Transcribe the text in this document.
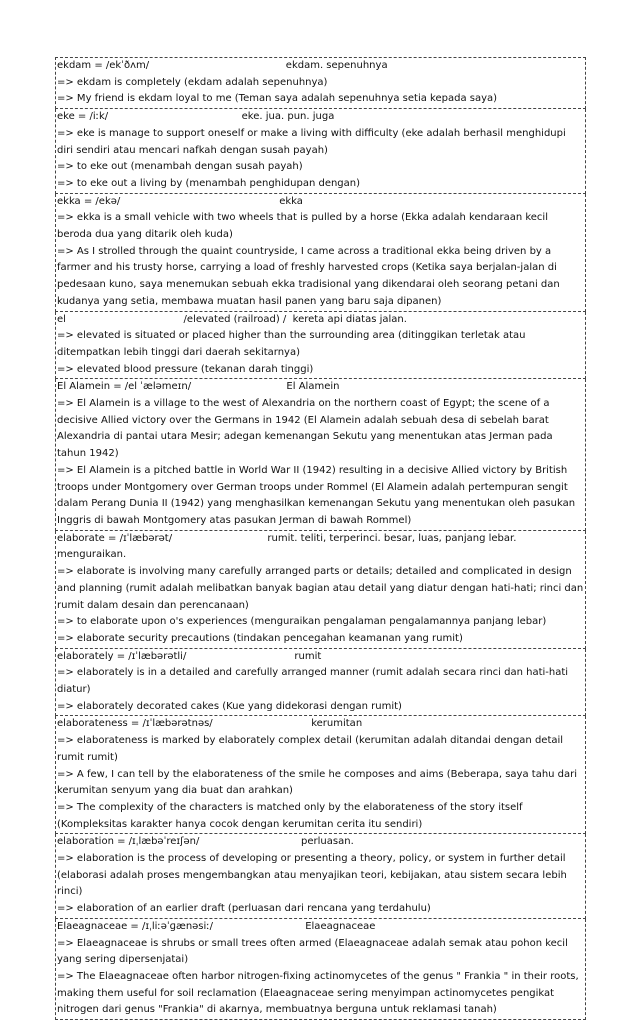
ekdam = /ekˈðʌm/                                           ekdam. sepenuhnya
=> ekdam is completely (ekdam adalah sepenuhnya)
=> My friend is ekdam loyal to me (Teman saya adalah sepenuhnya setia kepada saya)
eke = /iːk/                                          eke. jua. pun. juga
=> eke is manage to support oneself or make a living with difficulty (eke adalah berhasil menghidupi diri sendiri atau mencari nafkah dengan susah payah)
=> to eke out (menambah dengan susah payah)
=> to eke out a living by (menambah penghidupan dengan)
ekka = /ekə/                                                  ekka
=> ekka is a small vehicle with two wheels that is pulled by a horse (Ekka adalah kendaraan kecil beroda dua yang ditarik oleh kuda)
=> As I strolled through the quaint countryside, I came across a traditional ekka being driven by a farmer and his trusty horse, carrying a load of freshly harvested crops (Ketika saya berjalan-jalan di pedesaan kuno, saya menemukan sebuah ekka tradisional yang dikendarai oleh seorang petani dan kudanya yang setia, membawa muatan hasil panen yang baru saja dipanen)
el                                     /elevated (railroad) /  kereta api diatas jalan.
=> elevated is situated or placed higher than the surrounding area (ditinggikan terletak atau ditempatkan lebih tinggi dari daerah sekitarnya)
=> elevated blood pressure (tekanan darah tinggi)
El Alamein = /el ˈæləmeɪn/                              El Alamein
=> El Alamein is a village to the west of Alexandria on the northern coast of Egypt; the scene of a decisive Allied victory over the Germans in 1942 (El Alamein adalah sebuah desa di sebelah barat Alexandria di pantai utara Mesir; adegan kemenangan Sekutu yang menentukan atas Jerman pada tahun 1942)
=> El Alamein is a pitched battle in World War II (1942) resulting in a decisive Allied victory by British troops under Montgomery over German troops under Rommel (El Alamein adalah pertempuran sengit dalam Perang Dunia II (1942) yang menghasilkan kemenangan Sekutu yang menentukan oleh pasukan Inggris di bawah Montgomery atas pasukan Jerman di bawah Rommel)
elaborate = /ɪˈlæbərət/                              rumit. teliti, terperinci. besar, luas, panjang lebar. menguraikan.
=> elaborate is involving many carefully arranged parts or details; detailed and complicated in design and planning (rumit adalah melibatkan banyak bagian atau detail yang diatur dengan hati-hati; rinci dan rumit dalam desain dan perencanaan)
=> to elaborate upon o's experiences (menguraikan pengalaman pengalamannya panjang lebar)
=> elaborate security precautions (tindakan pencegahan keamanan yang rumit)
elaborately = /ɪˈlæbərətli/                                  rumit
=> elaborately is in a detailed and carefully arranged manner (rumit adalah secara rinci dan hati-hati diatur)
=> elaborately decorated cakes (Kue yang didekorasi dengan rumit)
elaborateness = /ɪˈlæbərətnəs/                               kerumitan
=> elaborateness is marked by elaborately complex detail (kerumitan adalah ditandai dengan detail rumit rumit)
=> A few, I can tell by the elaborateness of the smile he composes and aims (Beberapa, saya tahu dari kerumitan senyum yang dia buat dan arahkan)
=> The complexity of the characters is matched only by the elaborateness of the story itself (Kompleksitas karakter hanya cocok dengan kerumitan cerita itu sendiri)
elaboration = /ɪˌlæbəˈreɪʃən/                                perluasan.
=> elaboration is the process of developing or presenting a theory, policy, or system in further detail (elaborasi adalah proses mengembangkan atau menyajikan teori, kebijakan, atau sistem secara lebih rinci)
=> elaboration of an earlier draft (perluasan dari rencana yang terdahulu)
Elaeagnaceae = /ɪˌliːəˈɡænəsiː/                             Elaeagnaceae
=> Elaeagnaceae is shrubs or small trees often armed (Elaeagnaceae adalah semak atau pohon kecil yang sering dipersenjatai)
=> The Elaeagnaceae often harbor nitrogen-fixing actinomycetes of the genus " Frankia " in their roots, making them useful for soil reclamation (Elaeagnaceae sering menyimpan actinomycetes pengikat nitrogen dari genus "Frankia" di akarnya, membuatnya berguna untuk reklamasi tanah)
